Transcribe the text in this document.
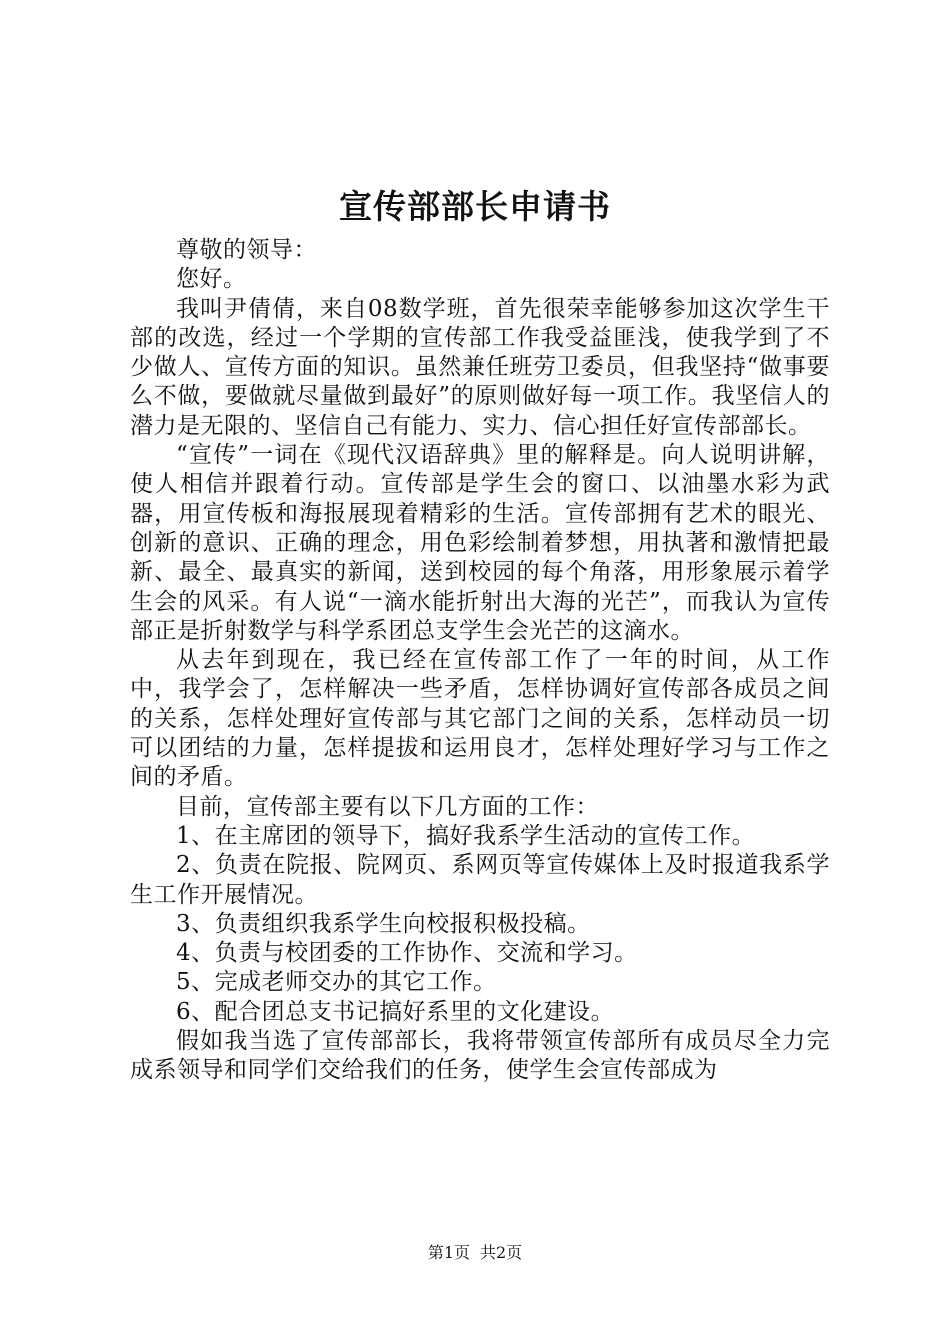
宣传部部长申请书

尊敬的领导：

您好。

我叫尹倩倩，来自08数学班，首先很荣幸能够参加这次学生干部的改选，经过一个学期的宣传部工作我受益匪浅，使我学到了不少做人、宣传方面的知识。虽然兼任班劳卫委员，但我坚持“做事要么不做，要做就尽量做到最好”的原则做好每一项工作。我坚信人的潜力是无限的、坚信自己有能力、实力、信心担任好宣传部部长。

“宣传”一词在《现代汉语辞典》里的解释是。向人说明讲解，使人相信并跟着行动。宣传部是学生会的窗口、以油墨水彩为武器，用宣传板和海报展现着精彩的生活。宣传部拥有艺术的眼光、创新的意识、正确的理念，用色彩绘制着梦想，用执著和激情把最新、最全、最真实的新闻，送到校园的每个角落，用形象展示着学生会的风采。有人说“一滴水能折射出大海的光芒”，而我认为宣传部正是折射数学与科学系团总支学生会光芒的这滴水。

从去年到现在，我已经在宣传部工作了一年的时间，从工作中，我学会了，怎样解决一些矛盾，怎样协调好宣传部各成员之间的关系，怎样处理好宣传部与其它部门之间的关系，怎样动员一切可以团结的力量，怎样提拔和运用良才，怎样处理好学习与工作之间的矛盾。

目前，宣传部主要有以下几方面的工作：

1、在主席团的领导下，搞好我系学生活动的宣传工作。

2、负责在院报、院网页、系网页等宣传媒体上及时报道我系学生工作开展情况。

3、负责组织我系学生向校报积极投稿。

4、负责与校团委的工作协作、交流和学习。

5、完成老师交办的其它工作。

6、配合团总支书记搞好系里的文化建设。

假如我当选了宣传部部长，我将带领宣传部所有成员尽全力完成系领导和同学们交给我们的任务，使学生会宣传部成为

第1页 共2页
